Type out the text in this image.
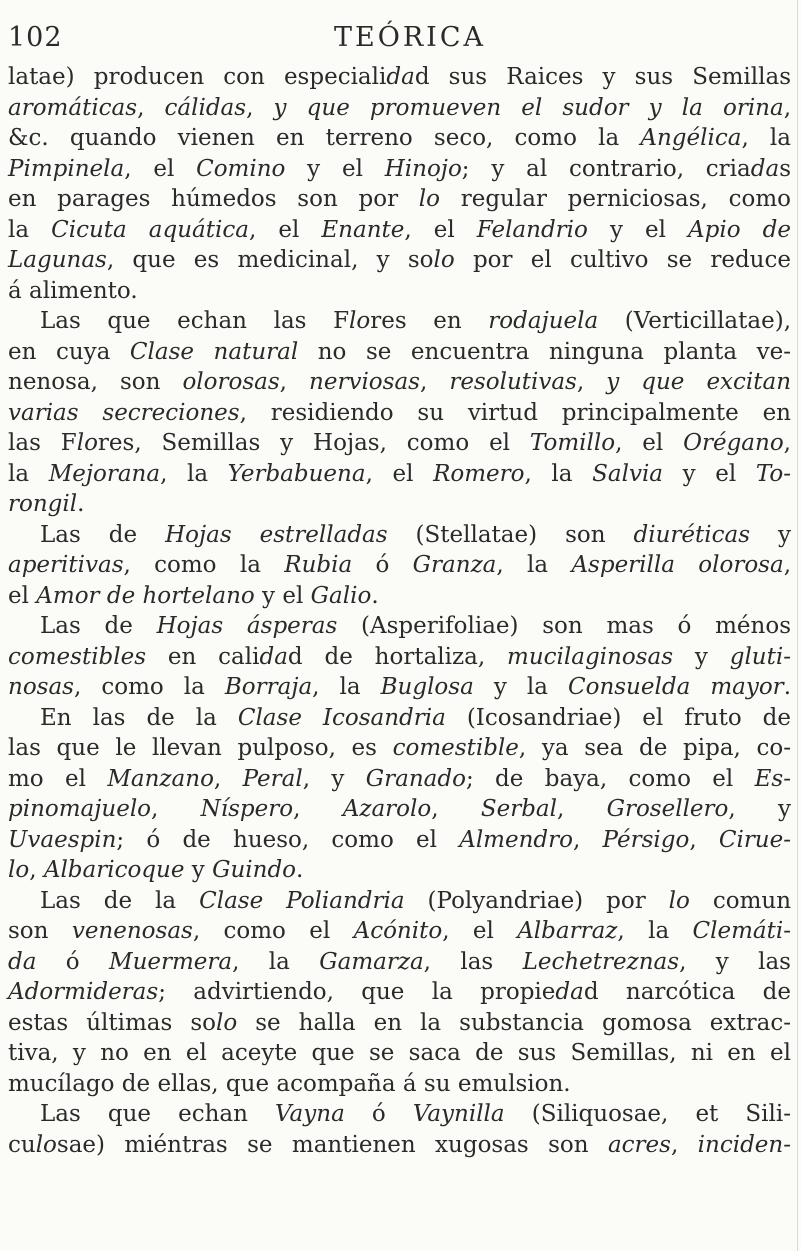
102	TEÓRICA
latae) producen con especialidad sus Raices y sus Semillas
aromáticas, cálidas, y que promueven el sudor y la orina,
&c. quando vienen en terreno seco, como la Angélica, la
Pimpinela, el Comino y el Hinojo; y al contrario, criadas
en parages húmedos son por lo regular perniciosas, como
la Cicuta aquática, el Enante, el Felandrio y el Apio de
Lagunas, que es medicinal, y solo por el cultivo se reduce
á alimento.
Las que echan las Flores en rodajuela (Verticillatae),
en cuya Clase natural no se encuentra ninguna planta ve-
nenosa, son olorosas, nerviosas, resolutivas, y que excitan
varias secreciones, residiendo su virtud principalmente en
las Flores, Semillas y Hojas, como el Tomillo, el Orégano,
la Mejorana, la Yerbabuena, el Romero, la Salvia y el To-
rongil.
Las de Hojas estrelladas (Stellatae) son diuréticas y
aperitivas, como la Rubia ó Granza, la Asperilla olorosa,
el Amor de hortelano y el Galio.
Las de Hojas ásperas (Asperifoliae) son mas ó ménos
comestibles en calidad de hortaliza, mucilaginosas y gluti-
nosas, como la Borraja, la Buglosa y la Consuelda mayor.
En las de la Clase Icosandria (Icosandriae) el fruto de
las que le llevan pulposo, es comestible, ya sea de pipa, co-
mo el Manzano, Peral, y Granado; de baya, como el Es-
pinomajuelo, Níspero, Azarolo, Serbal, Grosellero, y
Uvaespin; ó de hueso, como el Almendro, Pérsigo, Cirue-
lo, Albaricoque y Guindo.
Las de la Clase Poliandria (Polyandriae) por lo comun
son venenosas, como el Acónito, el Albarraz, la Clemáti-
da ó Muermera, la Gamarza, las Lechetreznas, y las
Adormideras; advirtiendo, que la propiedad narcótica de
estas últimas solo se halla en la substancia gomosa extrac-
tiva, y no en el aceyte que se saca de sus Semillas, ni en el
mucílago de ellas, que acompaña á su emulsion.
Las que echan Vayna ó Vaynilla (Siliquosae, et Sili-
culosae) miéntras se mantienen xugosas son acres, inciden-
